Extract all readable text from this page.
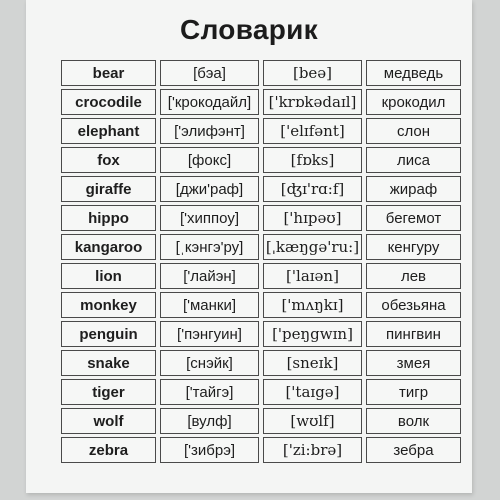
Словарик
bear	[бэа]	[beə]	медведь
crocodile	['крокодайл]	['krɒkədaɪl]	крокодил
elephant	['элифэнт]	['elɪfənt]	слон
fox	[фокс]	[fɒks]	лиса
giraffe	[джи'раф]	[ʤɪ'rɑ:f]	жираф
hippo	['хиппоу]	['hɪpəʊ]	бегемот
kangaroo	[ˌкэнгэ'ру]	[ˌkæŋgə'ru:]	кенгуру
lion	['лайэн]	['laɪən]	лев
monkey	['манки]	['mʌŋkɪ]	обезьяна
penguin	['пэнгуин]	['peŋgwɪn]	пингвин
snake	[снэйк]	[sneɪk]	змея
tiger	['тайгэ]	['taɪgə]	тигр
wolf	[вулф]	[wʊlf]	волк
zebra	['зибрэ]	['zi:brə]	зебра
